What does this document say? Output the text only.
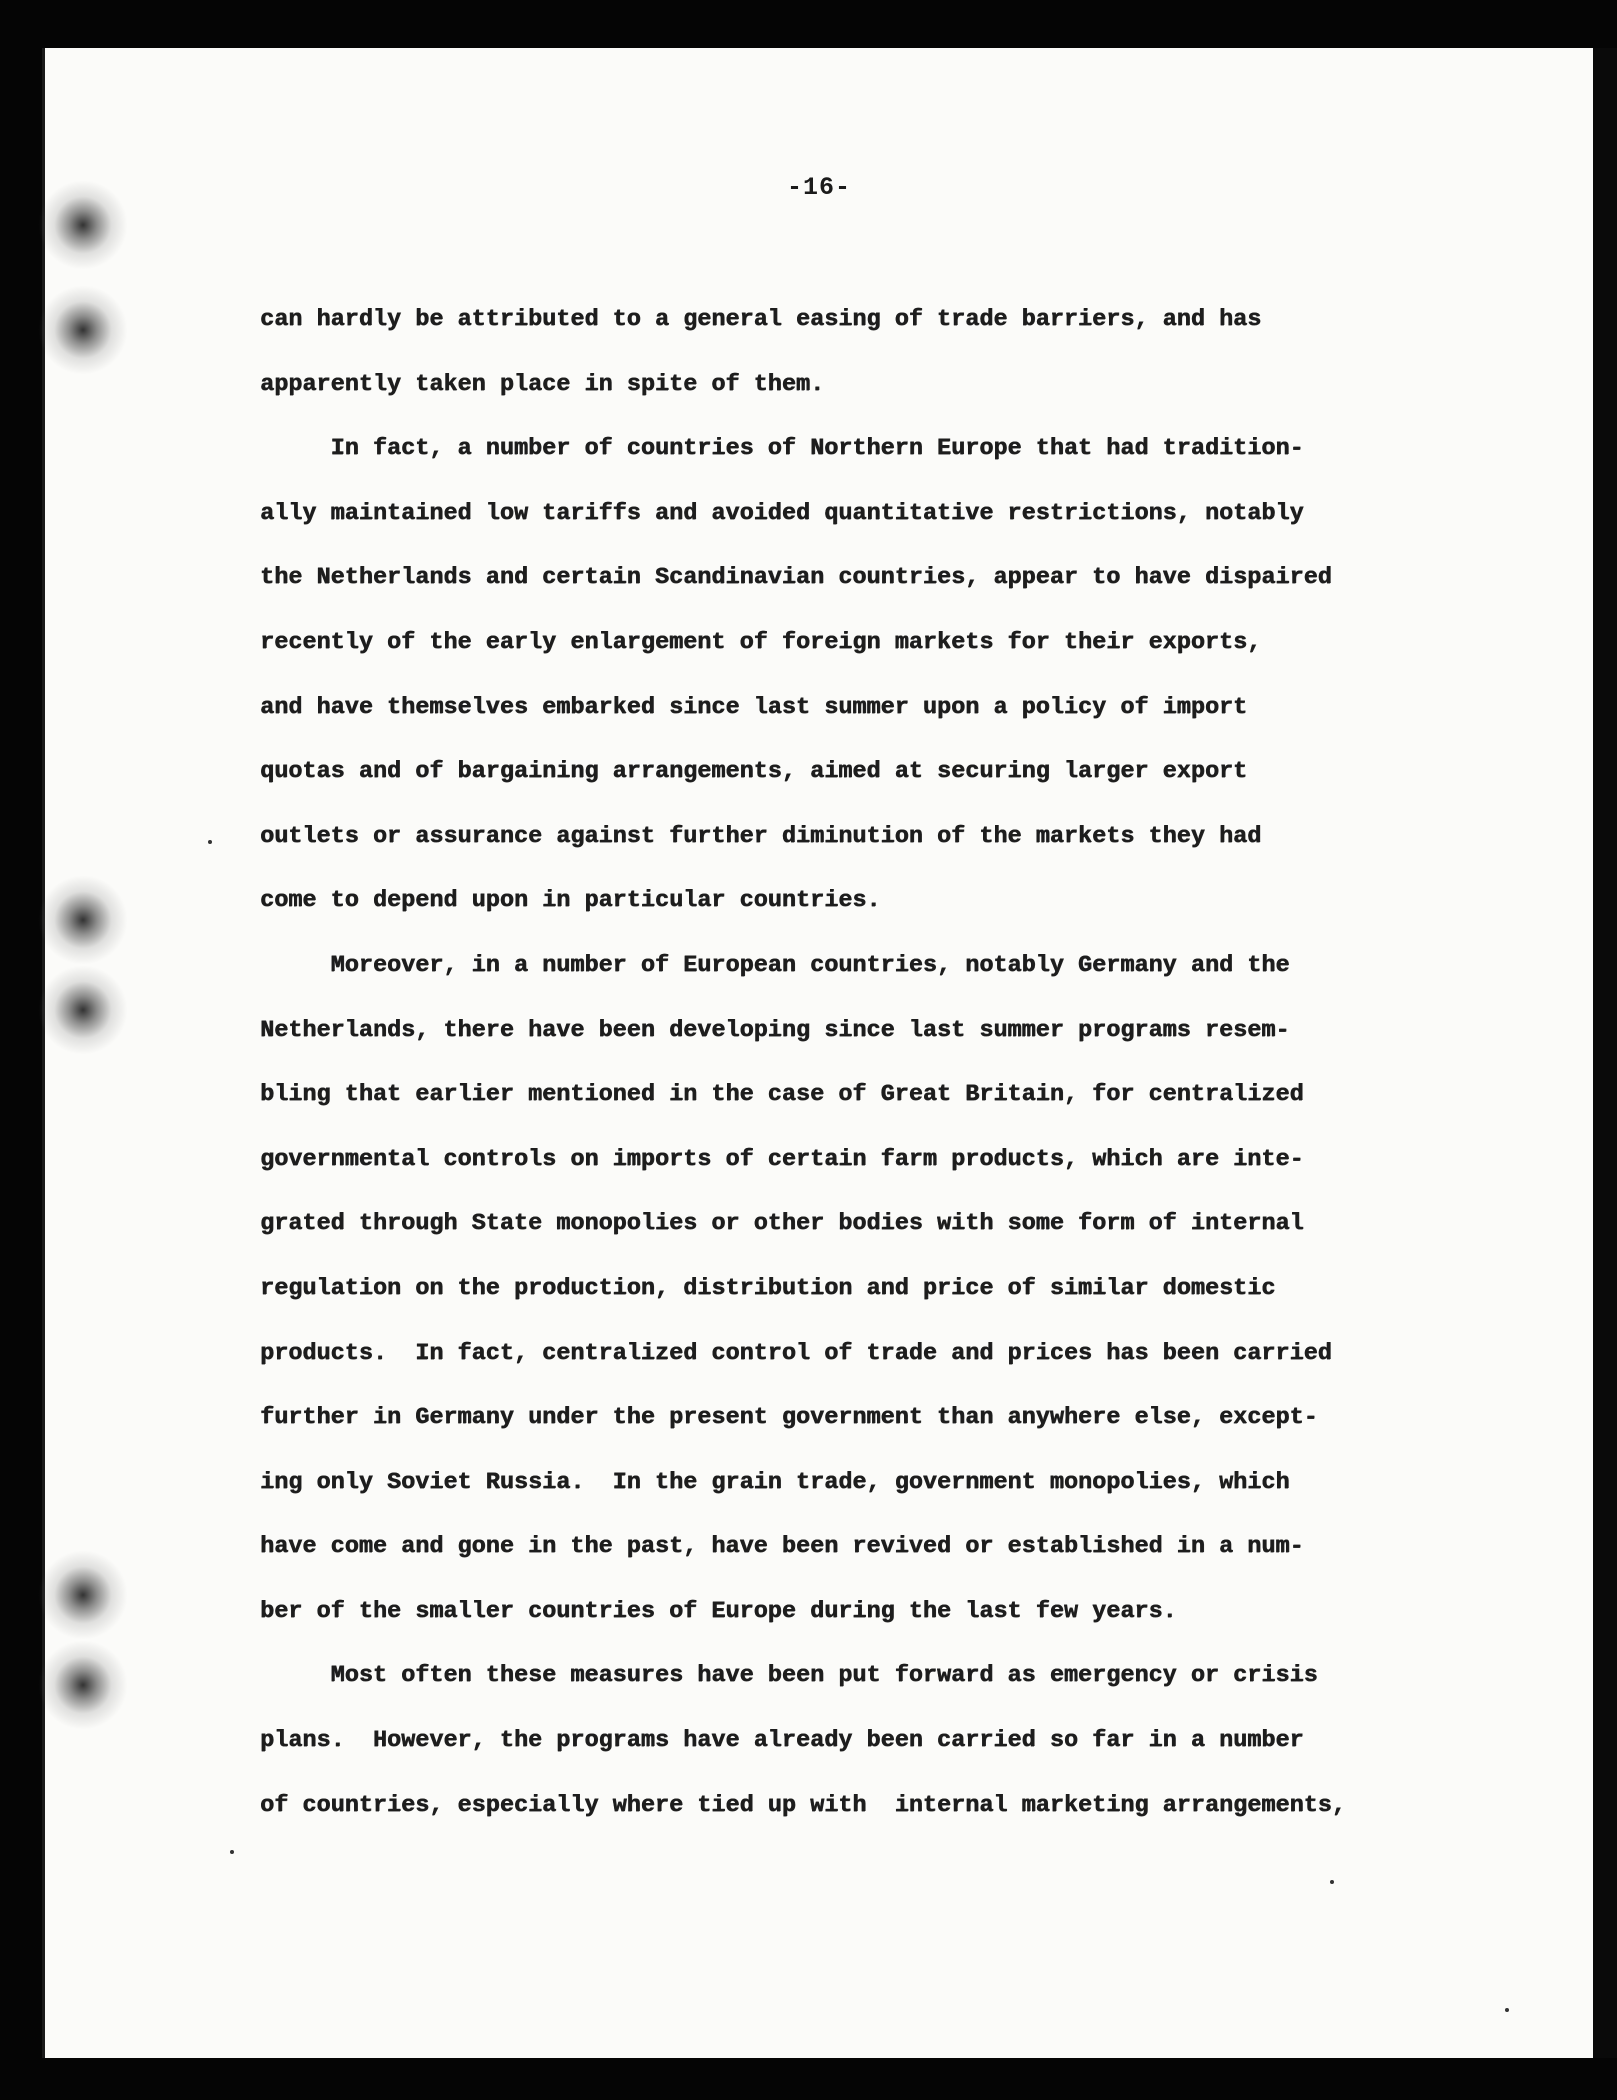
-16-
can hardly be attributed to a general easing of trade barriers, and has
apparently taken place in spite of them.
In fact, a number of countries of Northern Europe that had tradition-
ally maintained low tariffs and avoided quantitative restrictions, notably
the Netherlands and certain Scandinavian countries, appear to have dispaired
recently of the early enlargement of foreign markets for their exports,
and have themselves embarked since last summer upon a policy of import
quotas and of bargaining arrangements, aimed at securing larger export
outlets or assurance against further diminution of the markets they had
come to depend upon in particular countries.
Moreover, in a number of European countries, notably Germany and the
Netherlands, there have been developing since last summer programs resem-
bling that earlier mentioned in the case of Great Britain, for centralized
governmental controls on imports of certain farm products, which are inte-
grated through State monopolies or other bodies with some form of internal
regulation on the production, distribution and price of similar domestic
products.  In fact, centralized control of trade and prices has been carried
further in Germany under the present government than anywhere else, except-
ing only Soviet Russia.  In the grain trade, government monopolies, which
have come and gone in the past, have been revived or established in a num-
ber of the smaller countries of Europe during the last few years.
Most often these measures have been put forward as emergency or crisis
plans.  However, the programs have already been carried so far in a number
of countries, especially where tied up with  internal marketing arrangements,
